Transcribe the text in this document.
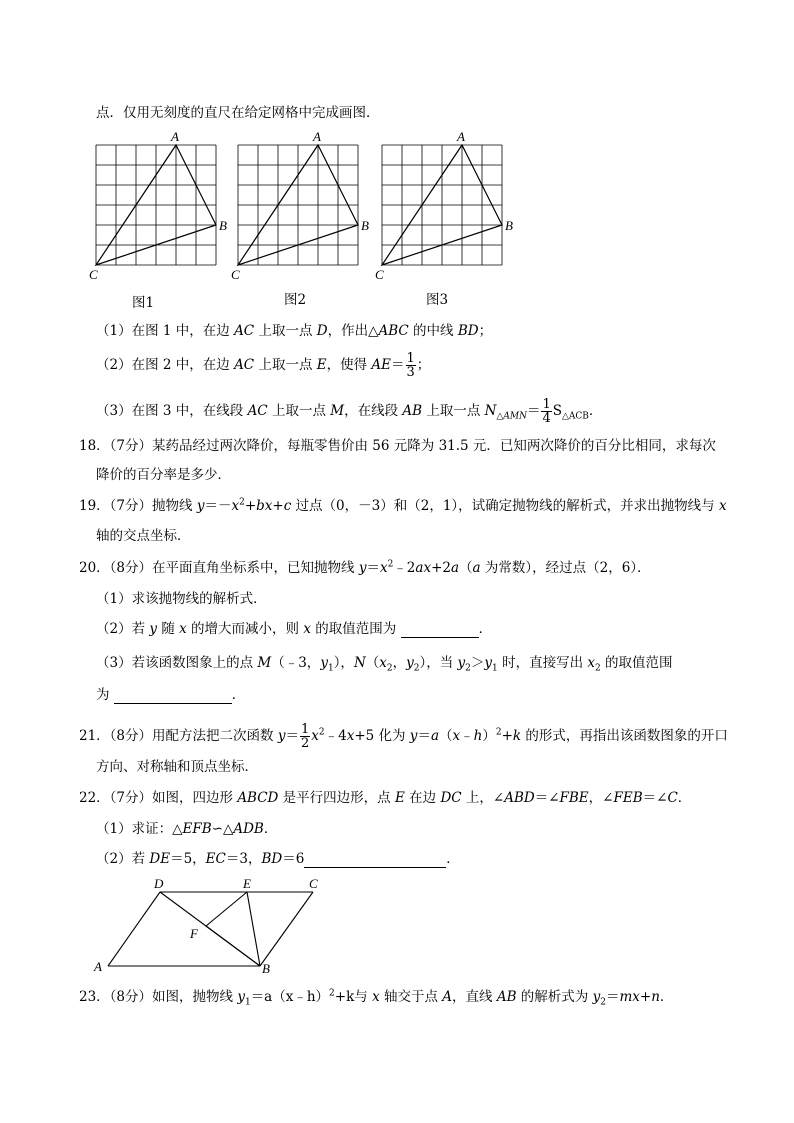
点．仅用无刻度的直尺在给定网格中完成画图．
A
B
C
A
B
C
A
B
C
图1	图2	图3
（1）在图 1 中，在边 AC 上取一点 D，作出△ABC 的中线 BD；
（2）在图 2 中，在边 AC 上取一点 E，使得 $AE= \frac{1}{3}$ ；
（3）在图 3 中，在线段 AC 上取一点 M，在线段 AB 上取一点 $N_{\triangle AMN}= \frac{1}{4} S_{\triangle ACB}$．
18．（7分）某药品经过两次降价，每瓶零售价由 56 元降为 31.5 元．已知两次降价的百分比相同，求每次
降价的百分率是多少．
19．（7分）抛物线 $y=-x^2+bx+c$ 过点（0，－3）和（2，1），试确定抛物线的解析式，并求出抛物线与 x
轴的交点坐标．
20．（8分）在平面直角坐标系中，已知抛物线 $y=x^2﹣2ax+2a(a$ 为常数），经过点（2，6）．
（1）求该抛物线的解析式．
（2）若 y 随 x 的增大而减小，则 x 的取值范围为	．
（3）若该函数图象上的点 M（﹣3，$y_1$），$N(x_2$，$y_2$），当 $y_2>y_1$ 时，直接写出 $x_2$ 的取值范围
为	．
21．（8分）用配方法把二次函数 $y= \frac{1}{2}$ $x^2﹣4x+5$ 化为 y＝a（x﹣h）$^2$+k 的形式，再指出该函数图象的开口
方向、对称轴和顶点坐标．
22．（7分）如图，四边形 ABCD 是平行四边形，点 E 在边 DC 上，∠ABD＝∠FBE，∠FEB＝∠C．
（1）求证：△EFB∽△ADB．
（2）若 DE＝5，EC＝3，BD＝6	．
D	E	C
F
A	B
23．（8分）如图，抛物线 $y_1=a(x﹣h)^2+k$与 x 轴交于点 A，直线 AB 的解析式为 $y_2=mx+n$．
